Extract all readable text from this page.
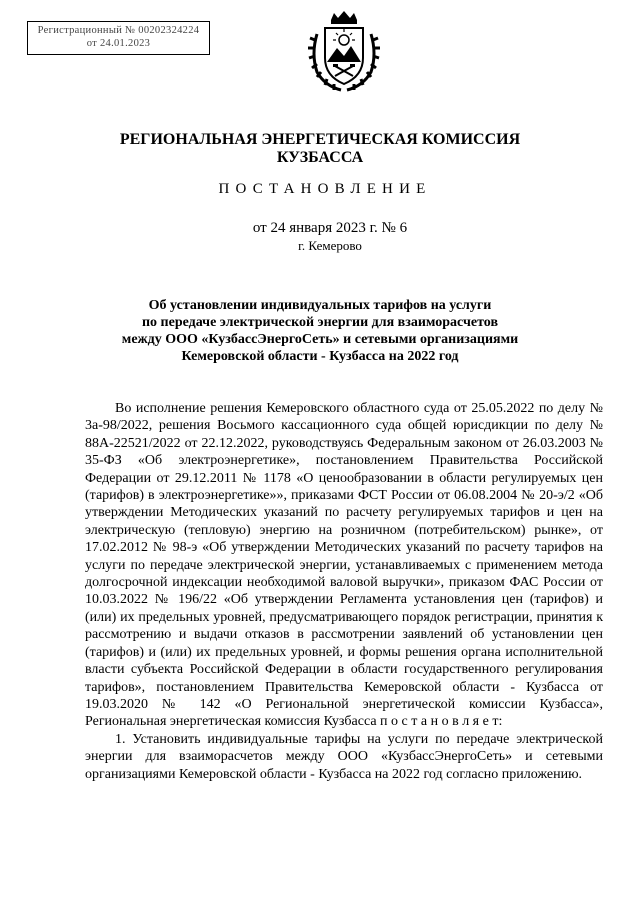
Регистрационный № 00202324224
от 24.01.2023
РЕГИОНАЛЬНАЯ ЭНЕРГЕТИЧЕСКАЯ КОМИССИЯ
КУЗБАССА
ПОСТАНОВЛЕНИЕ
от 24 января 2023 г. № 6
г. Кемерово
Об установлении индивидуальных тарифов на услуги
по передаче электрической энергии для взаиморасчетов
между ООО «КузбассЭнергоСеть» и сетевыми организациями
Кемеровской области - Кузбасса на 2022 год

Во исполнение решения Кемеровского областного суда от 25.05.2022 по делу № 3а-98/2022, решения Восьмого кассационного суда общей юрисдикции по делу № 88А-22521/2022 от 22.12.2022, руководствуясь Федеральным законом от 26.03.2003 № 35-ФЗ «Об электроэнергетике», постановлением Правительства Российской Федерации от 29.12.2011 № 1178 «О ценообразовании в области регулируемых цен (тарифов) в электроэнергетике»», приказами ФСТ России от 06.08.2004 № 20-э/2 «Об утверждении Методических указаний по расчету регулируемых тарифов и цен на электрическую (тепловую) энергию на розничном (потребительском) рынке», от 17.02.2012 № 98-э «Об утверждении Методических указаний по расчету тарифов на услуги по передаче электрической энергии, устанавливаемых с применением метода долгосрочной индексации необходимой валовой выручки», приказом ФАС России от 10.03.2022 № 196/22 «Об утверждении Регламента установления цен (тарифов) и (или) их предельных уровней, предусматривающего порядок регистрации, принятия к рассмотрению и выдачи отказов в рассмотрении заявлений об установлении цен (тарифов) и (или) их предельных уровней, и формы решения органа исполнительной власти субъекта Российской Федерации в области государственного регулирования тарифов», постановлением Правительства Кемеровской области - Кузбасса от 19.03.2020 № 142 «О Региональной энергетической комиссии Кузбасса», Региональная энергетическая комиссия Кузбасса п о с т а н о в л я е т:

1. Установить индивидуальные тарифы на услуги по передаче электрической энергии для взаиморасчетов между ООО «КузбассЭнергоСеть» и сетевыми организациями Кемеровской области - Кузбасса на 2022 год согласно приложению.
